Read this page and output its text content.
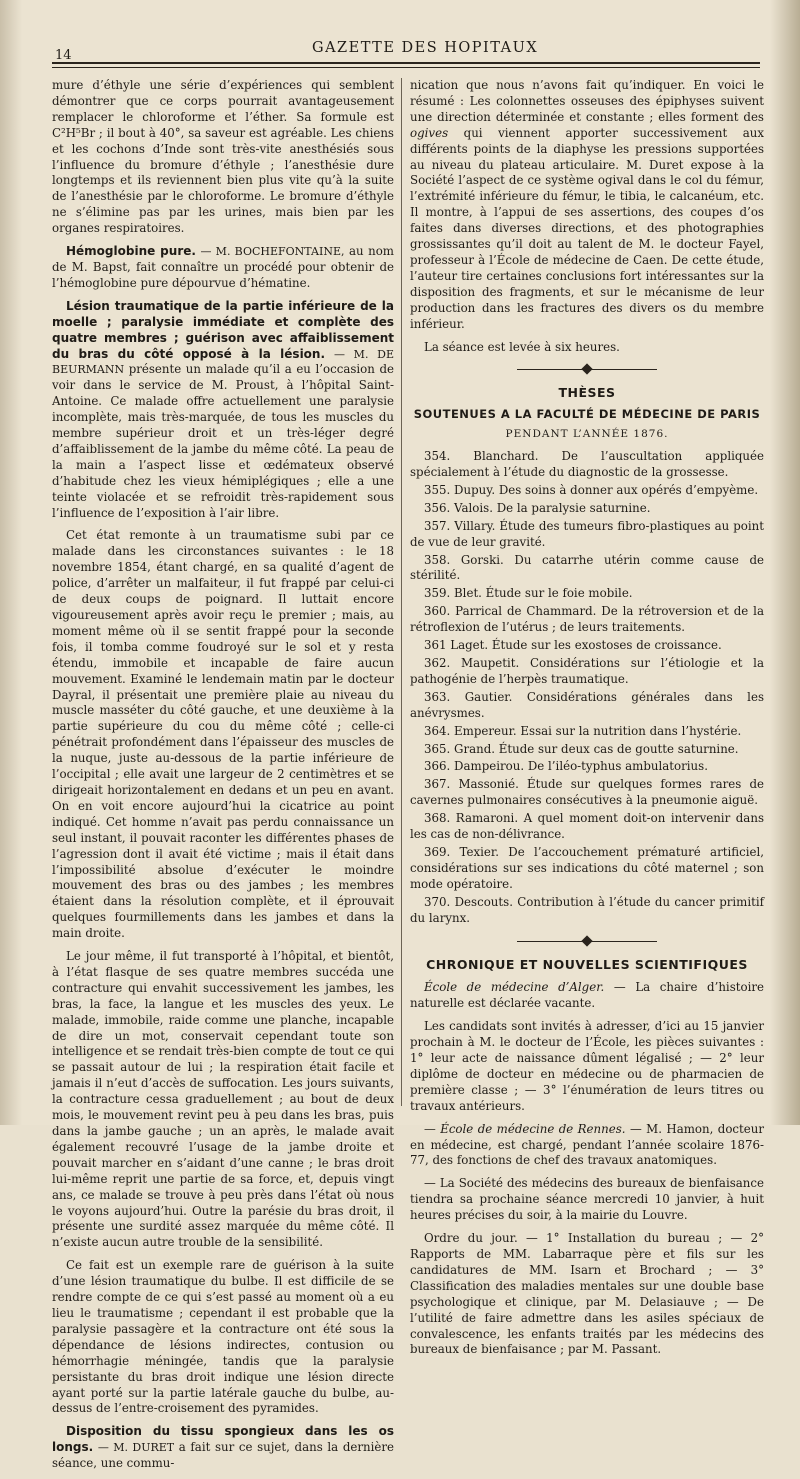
14	GAZETTE DES HOPITAUX

mure d’éthyle une série d’expériences qui semblent démontrer que ce corps pourrait avantageusement remplacer le chloroforme et l’éther. Sa formule est C²H⁵Br ; il bout à 40°, sa saveur est agréable. Les chiens et les cochons d’Inde sont très-vite anesthésiés sous l’influence du bromure d’éthyle ; l’anesthésie dure longtemps et ils reviennent bien plus vite qu’à la suite de l’anesthésie par le chloroforme. Le bromure d’éthyle ne s’élimine pas par les urines, mais bien par les organes respiratoires.

Hémoglobine pure. — M. BOCHEFONTAINE, au nom de M. Bapst, fait connaître un procédé pour obtenir de l’hémoglobine pure dépourvue d’hématine.

Lésion traumatique de la partie inférieure de la moelle ; paralysie immédiate et complète des quatre membres ; guérison avec affaiblissement du bras du côté opposé à la lésion. — M. DE BEURMANN présente un malade qu’il a eu l’occasion de voir dans le service de M. Proust, à l’hôpital Saint-Antoine. Ce malade offre actuellement une paralysie incomplète, mais très-marquée, de tous les muscles du membre supérieur droit et un très-léger degré d’affaiblissement de la jambe du même côté. La peau de la main a l’aspect lisse et œdémateux observé d’habitude chez les vieux hémiplégiques ; elle a une teinte violacée et se refroidit très-rapidement sous l’influence de l’exposition à l’air libre.

Cet état remonte à un traumatisme subi par ce malade dans les circonstances suivantes : le 18 novembre 1854, étant chargé, en sa qualité d’agent de police, d’arrêter un malfaiteur, il fut frappé par celui-ci de deux coups de poignard. Il luttait encore vigoureusement après avoir reçu le premier ; mais, au moment même où il se sentit frappé pour la seconde fois, il tomba comme foudroyé sur le sol et y resta étendu, immobile et incapable de faire aucun mouvement. Examiné le lendemain matin par le docteur Dayral, il présentait une première plaie au niveau du muscle masséter du côté gauche, et une deuxième à la partie supérieure du cou du même côté ; celle-ci pénétrait profondément dans l’épaisseur des muscles de la nuque, juste au-dessous de la partie inférieure de l’occipital ; elle avait une largeur de 2 centimètres et se dirigeait horizontalement en dedans et un peu en avant. On en voit encore aujourd’hui la cicatrice au point indiqué. Cet homme n’avait pas perdu connaissance un seul instant, il pouvait raconter les différentes phases de l’agression dont il avait été victime ; mais il était dans l’impossibilité absolue d’exécuter le moindre mouvement des bras ou des jambes ; les membres étaient dans la résolution complète, et il éprouvait quelques fourmillements dans les jambes et dans la main droite.

Le jour même, il fut transporté à l’hôpital, et bientôt, à l’état flasque de ses quatre membres succéda une contracture qui envahit successivement les jambes, les bras, la face, la langue et les muscles des yeux. Le malade, immobile, raide comme une planche, incapable de dire un mot, conservait cependant toute son intelligence et se rendait très-bien compte de tout ce qui se passait autour de lui ; la respiration était facile et jamais il n’eut d’accès de suffocation. Les jours suivants, la contracture cessa graduellement ; au bout de deux mois, le mouvement revint peu à peu dans les bras, puis dans la jambe gauche ; un an après, le malade avait également recouvré l’usage de la jambe droite et pouvait marcher en s’aidant d’une canne ; le bras droit lui-même reprit une partie de sa force, et, depuis vingt ans, ce malade se trouve à peu près dans l’état où nous le voyons aujourd’hui. Outre la parésie du bras droit, il présente une surdité assez marquée du même côté. Il n’existe aucun autre trouble de la sensibilité.

Ce fait est un exemple rare de guérison à la suite d’une lésion traumatique du bulbe. Il est difficile de se rendre compte de ce qui s’est passé au moment où a eu lieu le traumatisme ; cependant il est probable que la paralysie passagère et la contracture ont été sous la dépendance de lésions indirectes, contusion ou hémorrhagie méningée, tandis que la paralysie persistante du bras droit indique une lésion directe ayant porté sur la partie latérale gauche du bulbe, au-dessus de l’entre-croisement des pyramides.

Disposition du tissu spongieux dans les os longs. — M. DURET a fait sur ce sujet, dans la dernière séance, une commu-

nication que nous n’avons fait qu’indiquer. En voici le résumé : Les colonnettes osseuses des épiphyses suivent une direction déterminée et constante ; elles forment des ogives qui viennent apporter successivement aux différents points de la diaphyse les pressions supportées au niveau du plateau articulaire. M. Duret expose à la Société l’aspect de ce système ogival dans le col du fémur, l’extrémité inférieure du fémur, le tibia, le calcanéum, etc. Il montre, à l’appui de ses assertions, des coupes d’os faites dans diverses directions, et des photographies grossissantes qu’il doit au talent de M. le docteur Fayel, professeur à l’École de médecine de Caen. De cette étude, l’auteur tire certaines conclusions fort intéressantes sur la disposition des fragments, et sur le mécanisme de leur production dans les fractures des divers os du membre inférieur.

La séance est levée à six heures.

THÈSES
SOUTENUES A LA FACULTÉ DE MÉDECINE DE PARIS
PENDANT L’ANNÉE 1876.

354. Blanchard. De l’auscultation appliquée spécialement à l’étude du diagnostic de la grossesse.

355. Dupuy. Des soins à donner aux opérés d’empyème.

356. Valois. De la paralysie saturnine.

357. Villary. Étude des tumeurs fibro-plastiques au point de vue de leur gravité.

358. Gorski. Du catarrhe utérin comme cause de stérilité.

359. Blet. Étude sur le foie mobile.

360. Parrical de Chammard. De la rétroversion et de la rétroflexion de l’utérus ; de leurs traitements.

361 Laget. Étude sur les exostoses de croissance.

362. Maupetit. Considérations sur l’étiologie et la pathogénie de l’herpès traumatique.

363. Gautier. Considérations générales dans les anévrysmes.

364. Empereur. Essai sur la nutrition dans l’hystérie.

365. Grand. Étude sur deux cas de goutte saturnine.

366. Dampeirou. De l’iléo-typhus ambulatorius.

367. Massonié. Étude sur quelques formes rares de cavernes pulmonaires consécutives à la pneumonie aiguë.

368. Ramaroni. A quel moment doit-on intervenir dans les cas de non-délivrance.

369. Texier. De l’accouchement prématuré artificiel, considérations sur ses indications du côté maternel ; son mode opératoire.

370. Descouts. Contribution à l’étude du cancer primitif du larynx.

CHRONIQUE ET NOUVELLES SCIENTIFIQUES

École de médecine d’Alger. — La chaire d’histoire naturelle est déclarée vacante.

Les candidats sont invités à adresser, d’ici au 15 janvier prochain à M. le docteur de l’École, les pièces suivantes : 1° leur acte de naissance dûment légalisé ; — 2° leur diplôme de docteur en médecine ou de pharmacien de première classe ; — 3° l’énumération de leurs titres ou travaux antérieurs.

— École de médecine de Rennes. — M. Hamon, docteur en médecine, est chargé, pendant l’année scolaire 1876-77, des fonctions de chef des travaux anatomiques.

— La Société des médecins des bureaux de bienfaisance tiendra sa prochaine séance mercredi 10 janvier, à huit heures précises du soir, à la mairie du Louvre.

Ordre du jour. — 1° Installation du bureau ; — 2° Rapports de MM. Labarraque père et fils sur les candidatures de MM. Isarn et Brochard ; — 3° Classification des maladies mentales sur une double base psychologique et clinique, par M. Delasiauve ; — De l’utilité de faire admettre dans les asiles spéciaux de convalescence, les enfants traités par les médecins des bureaux de bienfaisance ; par M. Passant.
